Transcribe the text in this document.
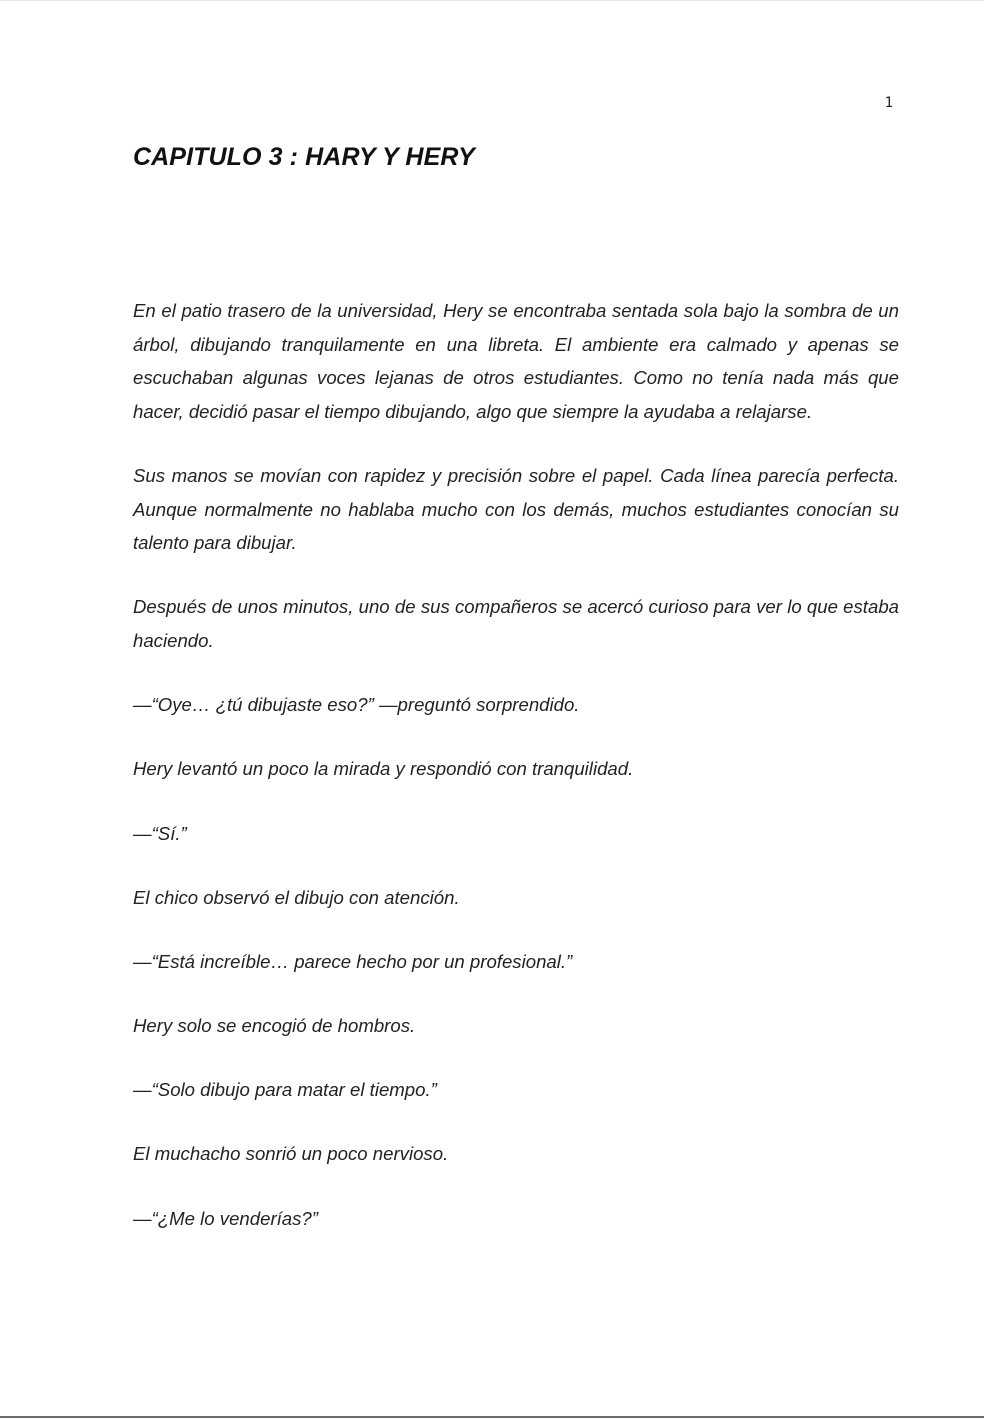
1
CAPITULO 3 : HARY Y HERY

En el patio trasero de la universidad, Hery se encontraba sentada sola bajo la sombra de un árbol, dibujando tranquilamente en una libreta. El ambiente era calmado y apenas se escuchaban algunas voces lejanas de otros estudiantes. Como no tenía nada más que hacer, decidió pasar el tiempo dibujando, algo que siempre la ayudaba a relajarse.

Sus manos se movían con rapidez y precisión sobre el papel. Cada línea parecía perfecta. Aunque normalmente no hablaba mucho con los demás, muchos estudiantes conocían su talento para dibujar.

Después de unos minutos, uno de sus compañeros se acercó curioso para ver lo que estaba haciendo.

—“Oye… ¿tú dibujaste eso?” —preguntó sorprendido.

Hery levantó un poco la mirada y respondió con tranquilidad.

—“Sí.”

El chico observó el dibujo con atención.

—“Está increíble… parece hecho por un profesional.”

Hery solo se encogió de hombros.

—“Solo dibujo para matar el tiempo.”

El muchacho sonrió un poco nervioso.

—“¿Me lo venderías?”
